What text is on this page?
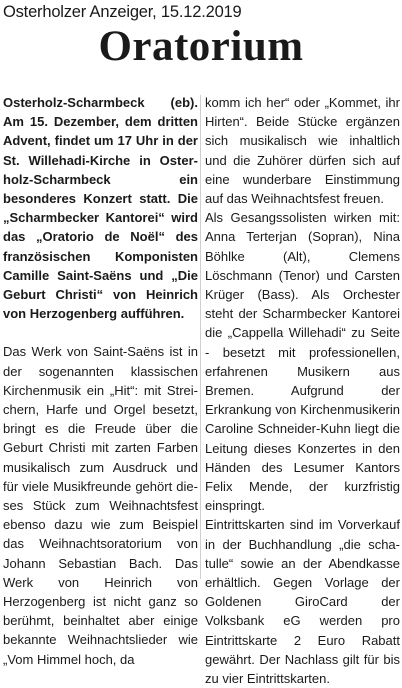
Osterholzer Anzeiger, 15.12.2019
Oratorium

Osterholz-Scharmbeck (eb). Am 15. Dezember, dem dritten Advent, findet um 17 Uhr in der St. Willehadi-Kirche in Osterholz-Scharmbeck ein besonderes Konzert statt. Die „Scharmbecker Kantorei“ wird das „Oratorio de Noël“ des französischen Komponisten Camille Saint-Saëns und „Die Geburt Christi“ von Heinrich von Herzogenberg aufführen.

Das Werk von Saint-Saëns ist in der sogenannten klassischen Kirchenmusik ein „Hit“: mit Streichern, Harfe und Orgel besetzt, bringt es die Freude über die Geburt Christi mit zarten Farben musikalisch zum Ausdruck und für viele Musikfreunde gehört dieses Stück zum Weihnachtsfest ebenso dazu wie zum Beispiel das Weihnachtsoratorium von Johann Sebastian Bach. Das Werk von Heinrich von Herzogenberg ist nicht ganz so berühmt, beinhaltet aber einige bekannte Weihnachtslieder wie „Vom Himmel hoch, da

komm ich her“ oder „Kommet, ihr Hirten“. Beide Stücke ergänzen sich musikalisch wie inhaltlich und die Zuhörer dürfen sich auf eine wunderbare Einstimmung auf das Weihnachtsfest freuen.

Als Gesangssolisten wirken mit: Anna Terterjan (Sopran), Nina Böhlke (Alt), Clemens Löschmann (Tenor) und Carsten Krüger (Bass). Als Orchester steht der Scharmbecker Kantorei die „Cappella Willehadi“ zu Seite - besetzt mit professionellen, erfahrenen Musikern aus Bremen. Aufgrund der Erkrankung von Kirchenmusikerin Caroline Schneider-Kuhn liegt die Leitung dieses Konzertes in den Händen des Lesumer Kantors Felix Mende, der kurzfristig einspringt.

Eintrittskarten sind im Vorverkauf in der Buchhandlung „die schatulle“ sowie an der Abendkasse erhältlich. Gegen Vorlage der Goldenen GiroCard der Volksbank eG werden pro Eintrittskarte 2 Euro Rabatt gewährt. Der Nachlass gilt für bis zu vier Eintrittskarten.
